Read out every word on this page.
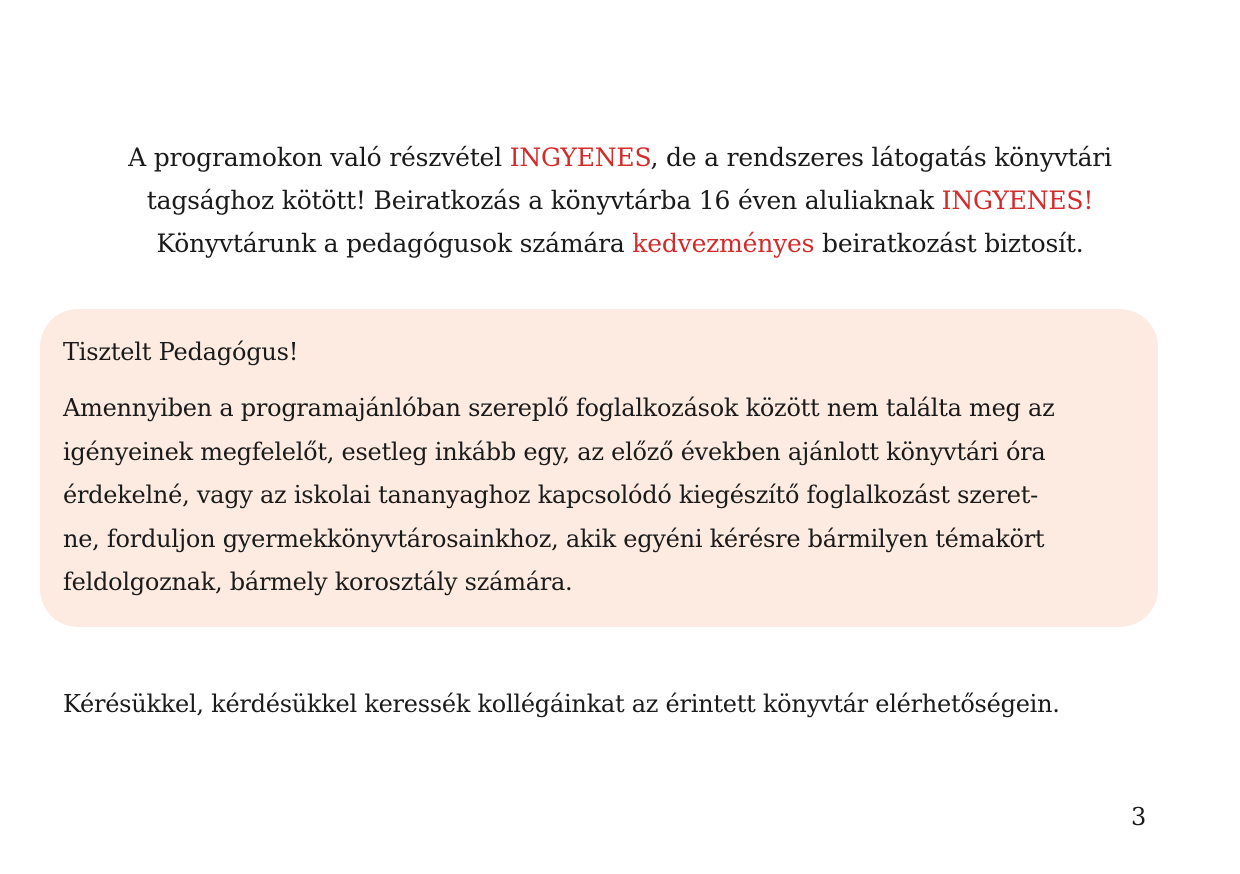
A programokon való részvétel INGYENES, de a rendszeres látogatás könyvtári
tagsághoz kötött! Beiratkozás a könyvtárba 16 éven aluliaknak INGYENES!
Könyvtárunk a pedagógusok számára kedvezményes beiratkozást biztosít.

Tisztelt Pedagógus!

Amennyiben a programajánlóban szereplő foglalkozások között nem találta meg az
igényeinek megfelelőt, esetleg inkább egy, az előző években ajánlott könyvtári óra
érdekelné, vagy az iskolai tananyaghoz kapcsolódó kiegészítő foglalkozást szeret-
ne, forduljon gyermekkönyvtárosainkhoz, akik egyéni kérésre bármilyen témakört
feldolgoznak, bármely korosztály számára.

Kérésükkel, kérdésükkel keressék kollégáinkat az érintett könyvtár elérhetőségein.
3
